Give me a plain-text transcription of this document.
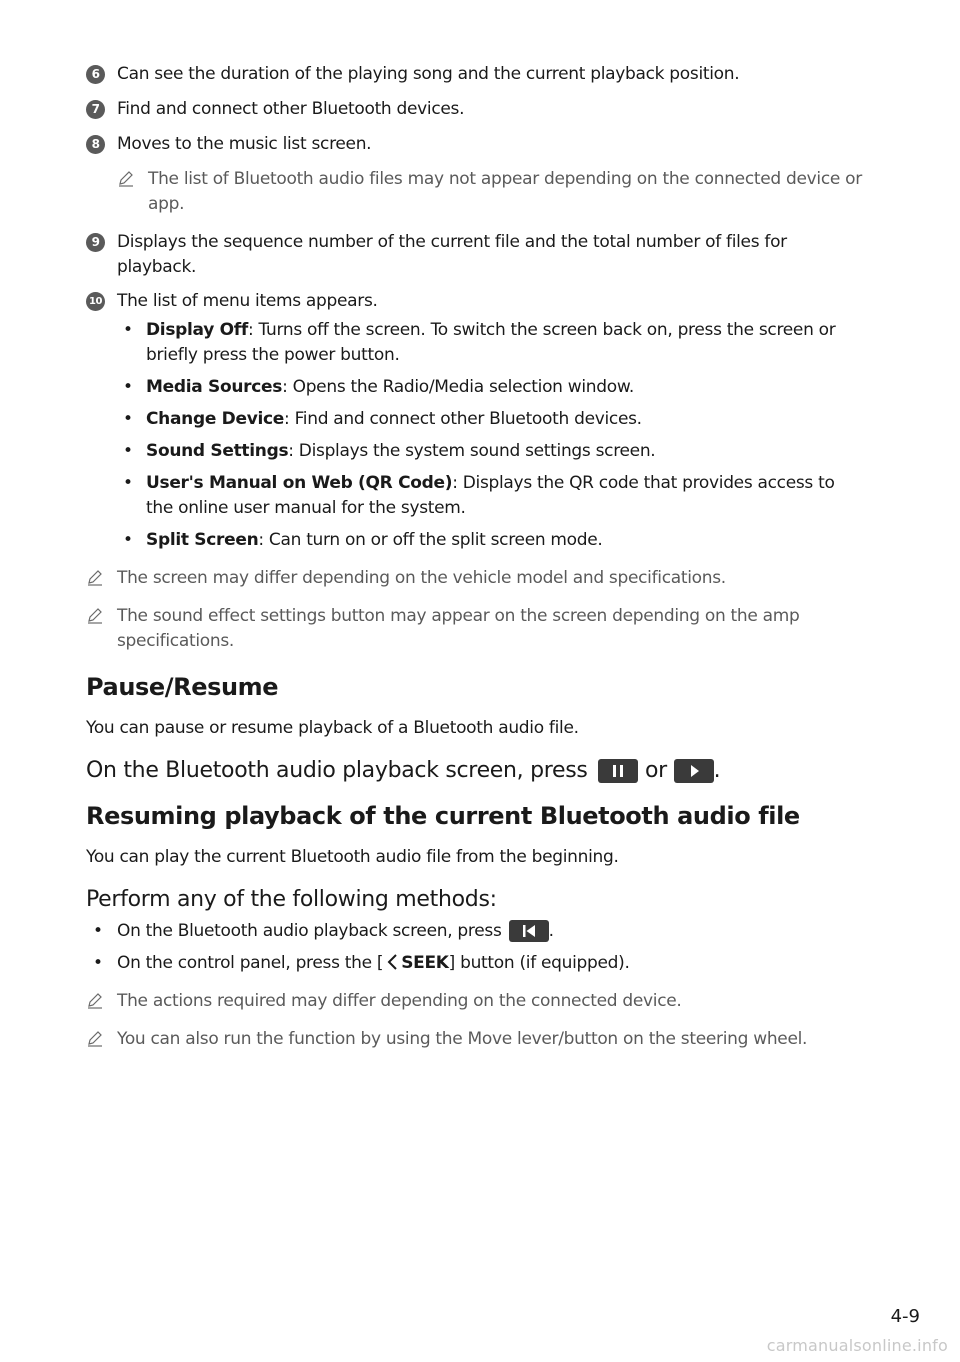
6	Can see the duration of the playing song and the current playback position.
7	Find and connect other Bluetooth devices.
8	Moves to the music list screen.
The list of Bluetooth audio files may not appear depending on the connected device or app.
9	Displays the sequence number of the current file and the total number of files for playback.
10 The list of menu items appears.
• Display Off: Turns off the screen. To switch the screen back on, press the screen or briefly press the power button.
• Media Sources: Opens the Radio/Media selection window.
• Change Device: Find and connect other Bluetooth devices.
• Sound Settings: Displays the system sound settings screen.
• User's Manual on Web (QR Code): Displays the QR code that provides access to the online user manual for the system.
• Split Screen: Can turn on or off the split screen mode.
The screen may differ depending on the vehicle model and specifications.
The sound effect settings button may appear on the screen depending on the amp specifications.
Pause/Resume
You can pause or resume playback of a Bluetooth audio file.
On the Bluetooth audio playback screen, press	or .
Resuming playback of the current Bluetooth audio file
You can play the current Bluetooth audio file from the beginning.
Perform any of the following methods:
• On the Bluetooth audio playback screen, press	.
• On the control panel, press the [ SEEK] button (if equipped).
The actions required may differ depending on the connected device.
You can also run the function by using the Move lever/button on the steering wheel.
4-9
carmanualsonline.info
